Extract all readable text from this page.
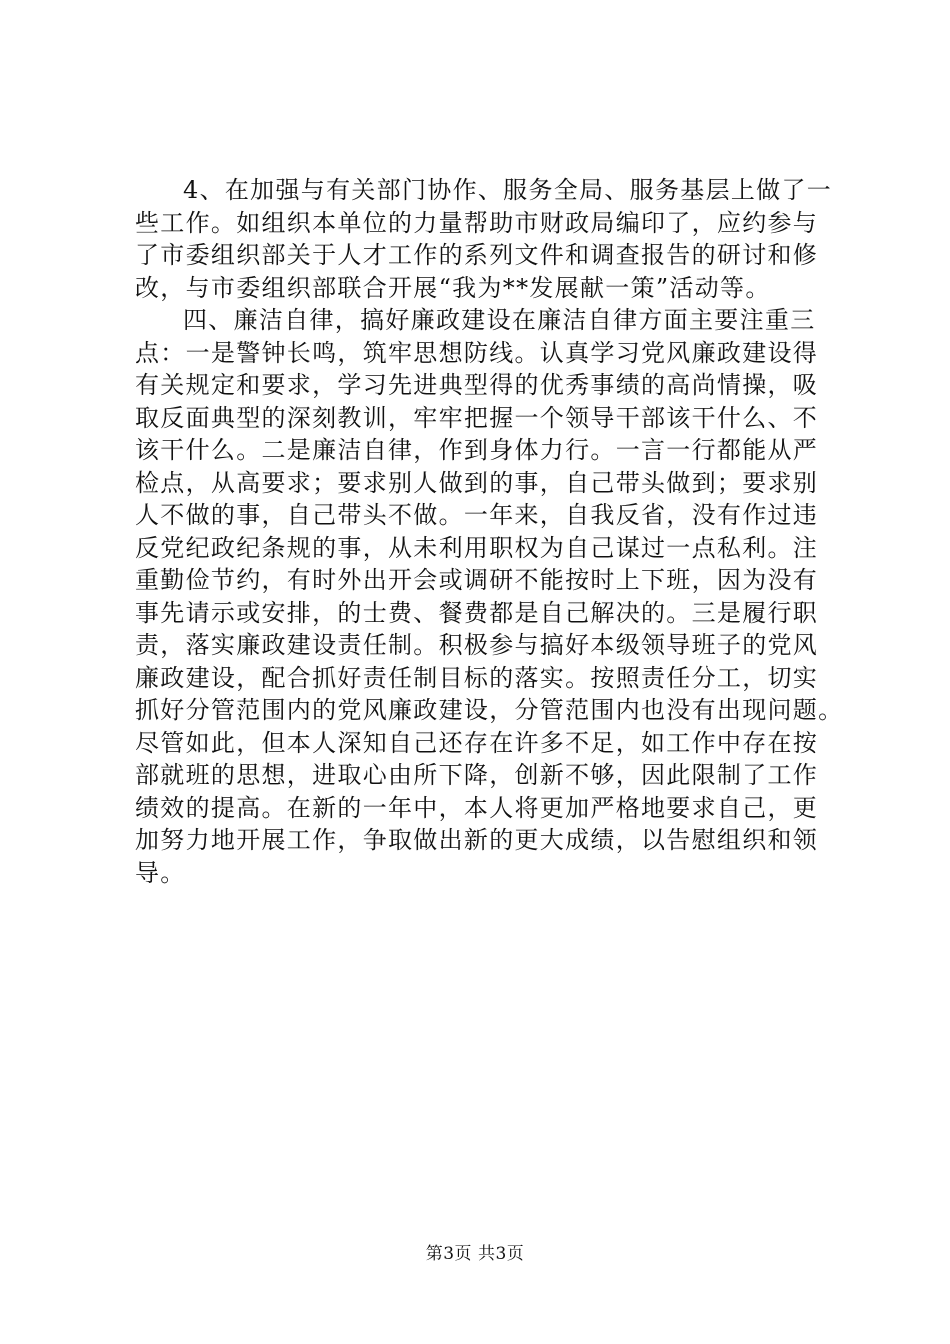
4、在加强与有关部门协作、服务全局、服务基层上做了一
些工作。如组织本单位的力量帮助市财政局编印了，应约参与
了市委组织部关于人才工作的系列文件和调查报告的研讨和修
改，与市委组织部联合开展“我为**发展献一策”活动等。
四、廉洁自律，搞好廉政建设在廉洁自律方面主要注重三
点：一是警钟长鸣，筑牢思想防线。认真学习党风廉政建设得
有关规定和要求，学习先进典型得的优秀事绩的高尚情操，吸
取反面典型的深刻教训，牢牢把握一个领导干部该干什么、不
该干什么。二是廉洁自律，作到身体力行。一言一行都能从严
检点，从高要求；要求别人做到的事，自己带头做到；要求别
人不做的事，自己带头不做。一年来，自我反省，没有作过违
反党纪政纪条规的事，从未利用职权为自己谋过一点私利。注
重勤俭节约，有时外出开会或调研不能按时上下班，因为没有
事先请示或安排，的士费、餐费都是自己解决的。三是履行职
责，落实廉政建设责任制。积极参与搞好本级领导班子的党风
廉政建设，配合抓好责任制目标的落实。按照责任分工，切实
抓好分管范围内的党风廉政建设，分管范围内也没有出现问题。
尽管如此，但本人深知自己还存在许多不足，如工作中存在按
部就班的思想，进取心由所下降，创新不够，因此限制了工作
绩效的提高。在新的一年中，本人将更加严格地要求自己，更
加努力地开展工作，争取做出新的更大成绩，以告慰组织和领
导。
第3页 共3页
